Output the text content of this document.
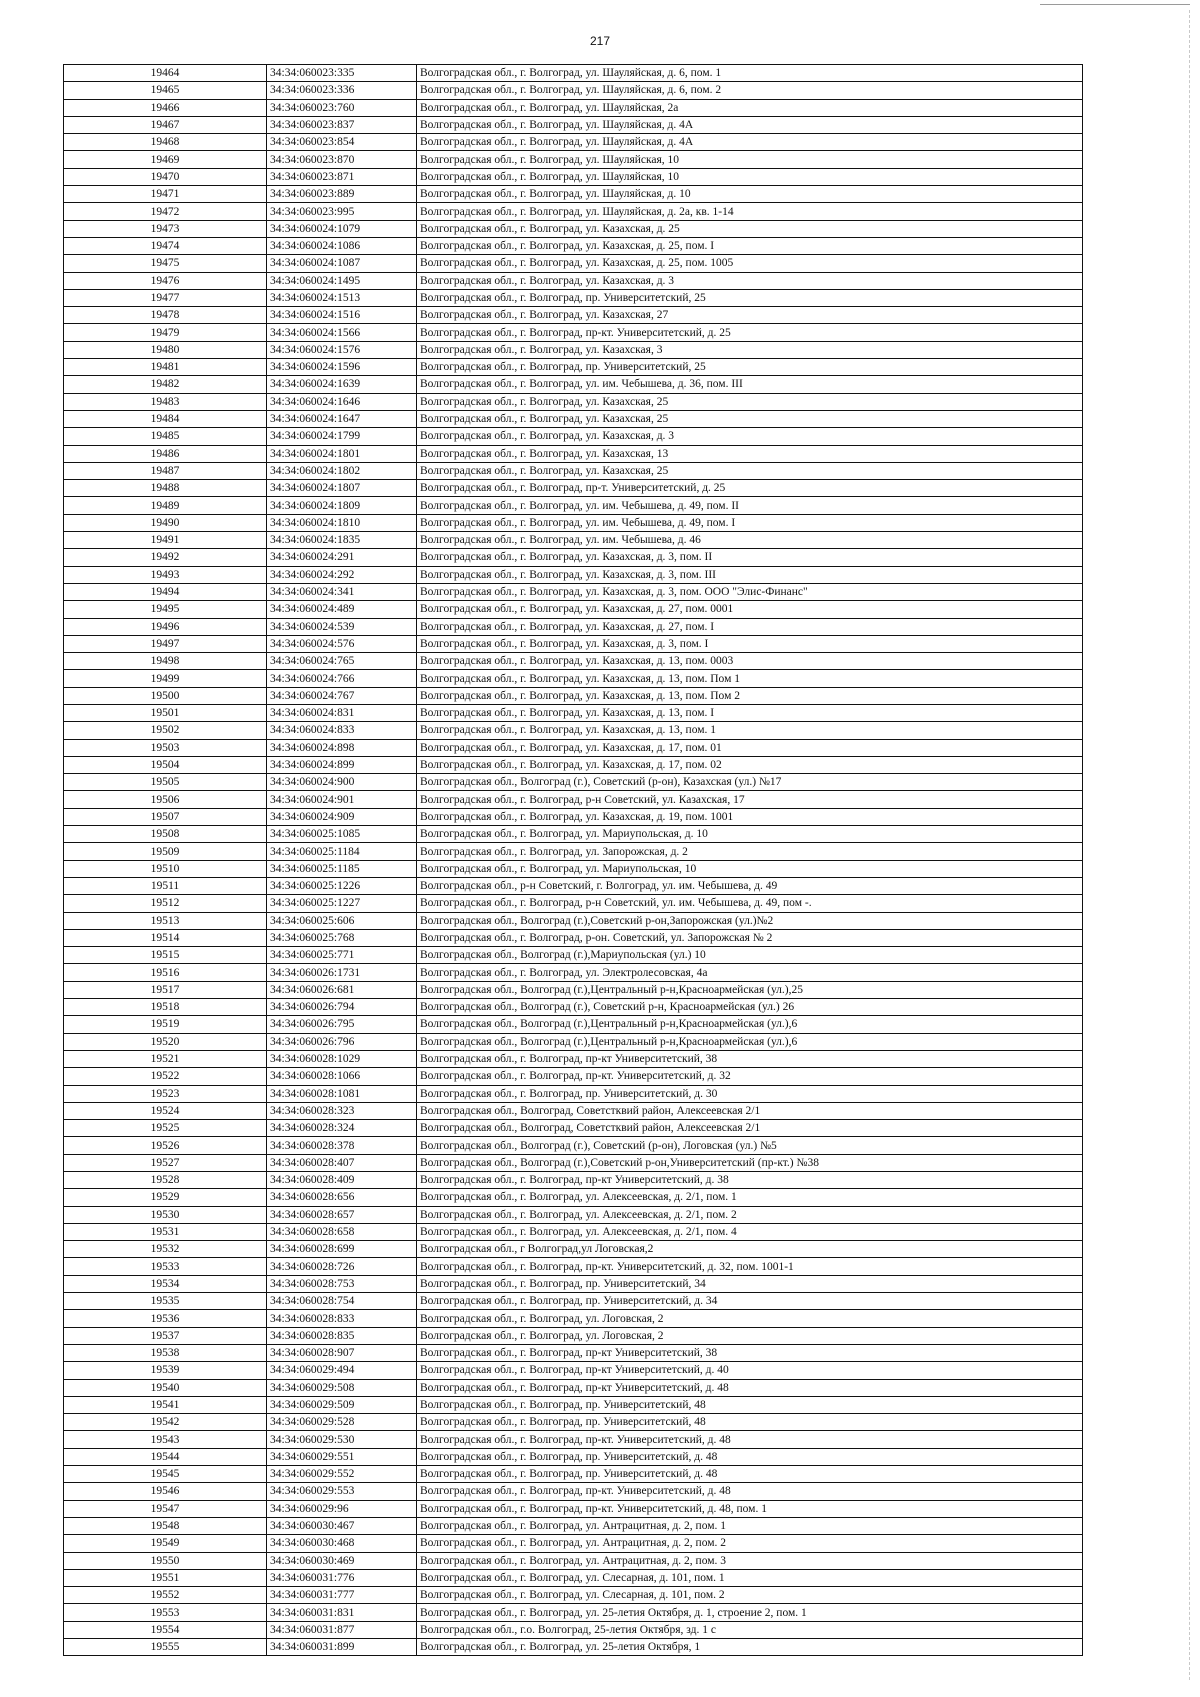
217
19464	34:34:060023:335	Волгоградская обл., г. Волгоград, ул. Шауляйская, д. 6, пом. 1
19465	34:34:060023:336	Волгоградская обл., г. Волгоград, ул. Шауляйская, д. 6, пом. 2
19466	34:34:060023:760	Волгоградская обл., г. Волгоград, ул. Шауляйская, 2а
19467	34:34:060023:837	Волгоградская обл., г. Волгоград, ул. Шауляйская, д. 4А
19468	34:34:060023:854	Волгоградская обл., г. Волгоград, ул. Шауляйская, д. 4А
19469	34:34:060023:870	Волгоградская обл., г. Волгоград, ул. Шауляйская, 10
19470	34:34:060023:871	Волгоградская обл., г. Волгоград, ул. Шауляйская, 10
19471	34:34:060023:889	Волгоградская обл., г. Волгоград, ул. Шауляйская, д. 10
19472	34:34:060023:995	Волгоградская обл., г. Волгоград, ул. Шауляйская, д. 2а, кв. 1-14
19473	34:34:060024:1079	Волгоградская обл., г. Волгоград, ул. Казахская, д. 25
19474	34:34:060024:1086	Волгоградская обл., г. Волгоград, ул. Казахская, д. 25, пом. I
19475	34:34:060024:1087	Волгоградская обл., г. Волгоград, ул. Казахская, д. 25, пом. 1005
19476	34:34:060024:1495	Волгоградская обл., г. Волгоград, ул. Казахская, д. 3
19477	34:34:060024:1513	Волгоградская обл., г. Волгоград, пр. Университетский, 25
19478	34:34:060024:1516	Волгоградская обл., г. Волгоград, ул. Казахская, 27
19479	34:34:060024:1566	Волгоградская обл., г. Волгоград, пр-кт. Университетский, д. 25
19480	34:34:060024:1576	Волгоградская обл., г. Волгоград, ул. Казахская, 3
19481	34:34:060024:1596	Волгоградская обл., г. Волгоград, пр. Университетский, 25
19482	34:34:060024:1639	Волгоградская обл., г. Волгоград, ул. им. Чебышева, д. 36, пом. III
19483	34:34:060024:1646	Волгоградская обл., г. Волгоград, ул. Казахская, 25
19484	34:34:060024:1647	Волгоградская обл., г. Волгоград, ул. Казахская, 25
19485	34:34:060024:1799	Волгоградская обл., г. Волгоград, ул. Казахская, д. 3
19486	34:34:060024:1801	Волгоградская обл., г. Волгоград, ул. Казахская, 13
19487	34:34:060024:1802	Волгоградская обл., г. Волгоград, ул. Казахская, 25
19488	34:34:060024:1807	Волгоградская обл., г. Волгоград, пр-т. Университетский, д. 25
19489	34:34:060024:1809	Волгоградская обл., г. Волгоград, ул. им. Чебышева, д. 49, пом. II
19490	34:34:060024:1810	Волгоградская обл., г. Волгоград, ул. им. Чебышева, д. 49, пом. I
19491	34:34:060024:1835	Волгоградская обл., г. Волгоград, ул. им. Чебышева, д. 46
19492	34:34:060024:291	Волгоградская обл., г. Волгоград, ул. Казахская, д. 3, пом. II
19493	34:34:060024:292	Волгоградская обл., г. Волгоград, ул. Казахская, д. 3, пом. III
19494	34:34:060024:341	Волгоградская обл., г. Волгоград, ул. Казахская, д. 3, пом. ООО "Элис-Финанс"
19495	34:34:060024:489	Волгоградская обл., г. Волгоград, ул. Казахская, д. 27, пом. 0001
19496	34:34:060024:539	Волгоградская обл., г. Волгоград, ул. Казахская, д. 27, пом. I
19497	34:34:060024:576	Волгоградская обл., г. Волгоград, ул. Казахская, д. 3, пом. I
19498	34:34:060024:765	Волгоградская обл., г. Волгоград, ул. Казахская, д. 13, пом. 0003
19499	34:34:060024:766	Волгоградская обл., г. Волгоград, ул. Казахская, д. 13, пом. Пом 1
19500	34:34:060024:767	Волгоградская обл., г. Волгоград, ул. Казахская, д. 13, пом. Пом 2
19501	34:34:060024:831	Волгоградская обл., г. Волгоград, ул. Казахская, д. 13, пом. I
19502	34:34:060024:833	Волгоградская обл., г. Волгоград, ул. Казахская, д. 13, пом. 1
19503	34:34:060024:898	Волгоградская обл., г. Волгоград, ул. Казахская, д. 17, пом. 01
19504	34:34:060024:899	Волгоградская обл., г. Волгоград, ул. Казахская, д. 17, пом. 02
19505	34:34:060024:900	Волгоградская обл., Волгоград (г.), Советский (р-он), Казахская (ул.) №17
19506	34:34:060024:901	Волгоградская обл., г. Волгоград, р-н Советский, ул. Казахская, 17
19507	34:34:060024:909	Волгоградская обл., г. Волгоград, ул. Казахская, д. 19, пом. 1001
19508	34:34:060025:1085	Волгоградская обл., г. Волгоград, ул. Мариупольская, д. 10
19509	34:34:060025:1184	Волгоградская обл., г. Волгоград, ул. Запорожская, д. 2
19510	34:34:060025:1185	Волгоградская обл., г. Волгоград, ул. Мариупольская, 10
19511	34:34:060025:1226	Волгоградская обл., р-н Советский, г. Волгоград, ул. им. Чебышева, д. 49
19512	34:34:060025:1227	Волгоградская обл., г. Волгоград, р-н Советский, ул. им. Чебышева, д. 49, пом -.
19513	34:34:060025:606	Волгоградская обл., Волгоград (г.),Советский р-он,Запорожская (ул.)№2
19514	34:34:060025:768	Волгоградская обл., г. Волгоград, р-он. Советский, ул. Запорожская № 2
19515	34:34:060025:771	Волгоградская обл., Волгоград (г.),Мариупольская (ул.) 10
19516	34:34:060026:1731	Волгоградская обл., г. Волгоград, ул. Электролесовская, 4а
19517	34:34:060026:681	Волгоградская обл., Волгоград (г.),Центральный р-н,Красноармейская (ул.),25
19518	34:34:060026:794	Волгоградская обл., Волгоград (г.), Советский р-н, Красноармейская (ул.) 26
19519	34:34:060026:795	Волгоградская обл., Волгоград (г.),Центральный р-н,Красноармейская (ул.),6
19520	34:34:060026:796	Волгоградская обл., Волгоград (г.),Центральный р-н,Красноармейская (ул.),6
19521	34:34:060028:1029	Волгоградская обл., г. Волгоград, пр-кт Университетский, 38
19522	34:34:060028:1066	Волгоградская обл., г. Волгоград, пр-кт. Университетский, д. 32
19523	34:34:060028:1081	Волгоградская обл., г. Волгоград, пр. Университетский, д. 30
19524	34:34:060028:323	Волгоградская обл., Волгоград, Советстквий район, Алексеевская 2/1
19525	34:34:060028:324	Волгоградская обл., Волгоград, Советстквий район, Алексеевская 2/1
19526	34:34:060028:378	Волгоградская обл., Волгоград (г.), Советский (р-он), Логовская (ул.) №5
19527	34:34:060028:407	Волгоградская обл., Волгоград (г.),Советский р-он,Университетский (пр-кт.) №38
19528	34:34:060028:409	Волгоградская обл., г. Волгоград, пр-кт Университетский, д. 38
19529	34:34:060028:656	Волгоградская обл., г. Волгоград, ул. Алексеевская, д. 2/1, пом. 1
19530	34:34:060028:657	Волгоградская обл., г. Волгоград, ул. Алексеевская, д. 2/1, пом. 2
19531	34:34:060028:658	Волгоградская обл., г. Волгоград, ул. Алексеевская, д. 2/1, пом. 4
19532	34:34:060028:699	Волгоградская обл., г Волгоград,ул Логовская,2
19533	34:34:060028:726	Волгоградская обл., г. Волгоград, пр-кт. Университетский, д. 32, пом. 1001-1
19534	34:34:060028:753	Волгоградская обл., г. Волгоград, пр. Университетский, 34
19535	34:34:060028:754	Волгоградская обл., г. Волгоград, пр. Университетский, д. 34
19536	34:34:060028:833	Волгоградская обл., г. Волгоград, ул. Логовская, 2
19537	34:34:060028:835	Волгоградская обл., г. Волгоград, ул. Логовская, 2
19538	34:34:060028:907	Волгоградская обл., г. Волгоград, пр-кт Университетский, 38
19539	34:34:060029:494	Волгоградская обл., г. Волгоград, пр-кт Университетский, д. 40
19540	34:34:060029:508	Волгоградская обл., г. Волгоград, пр-кт Университетский, д. 48
19541	34:34:060029:509	Волгоградская обл., г. Волгоград, пр. Университетский, 48
19542	34:34:060029:528	Волгоградская обл., г. Волгоград, пр. Университетский, 48
19543	34:34:060029:530	Волгоградская обл., г. Волгоград, пр-кт. Университетский, д. 48
19544	34:34:060029:551	Волгоградская обл., г. Волгоград, пр. Университетский, д. 48
19545	34:34:060029:552	Волгоградская обл., г. Волгоград, пр. Университетский, д. 48
19546	34:34:060029:553	Волгоградская обл., г. Волгоград, пр-кт. Университетский, д. 48
19547	34:34:060029:96	Волгоградская обл., г. Волгоград, пр-кт. Университетский, д. 48, пом. 1
19548	34:34:060030:467	Волгоградская обл., г. Волгоград, ул. Антрацитная, д. 2, пом. 1
19549	34:34:060030:468	Волгоградская обл., г. Волгоград, ул. Антрацитная, д. 2, пом. 2
19550	34:34:060030:469	Волгоградская обл., г. Волгоград, ул. Антрацитная, д. 2, пом. 3
19551	34:34:060031:776	Волгоградская обл., г. Волгоград, ул. Слесарная, д. 101, пом. 1
19552	34:34:060031:777	Волгоградская обл., г. Волгоград, ул. Слесарная, д. 101, пом. 2
19553	34:34:060031:831	Волгоградская обл., г. Волгоград, ул. 25-летия Октября, д. 1, строение 2, пом. 1
19554	34:34:060031:877	Волгоградская обл., г.о. Волгоград, 25-летия Октября, зд. 1 с
19555	34:34:060031:899	Волгоградская обл., г. Волгоград, ул. 25-летия Октября, 1
